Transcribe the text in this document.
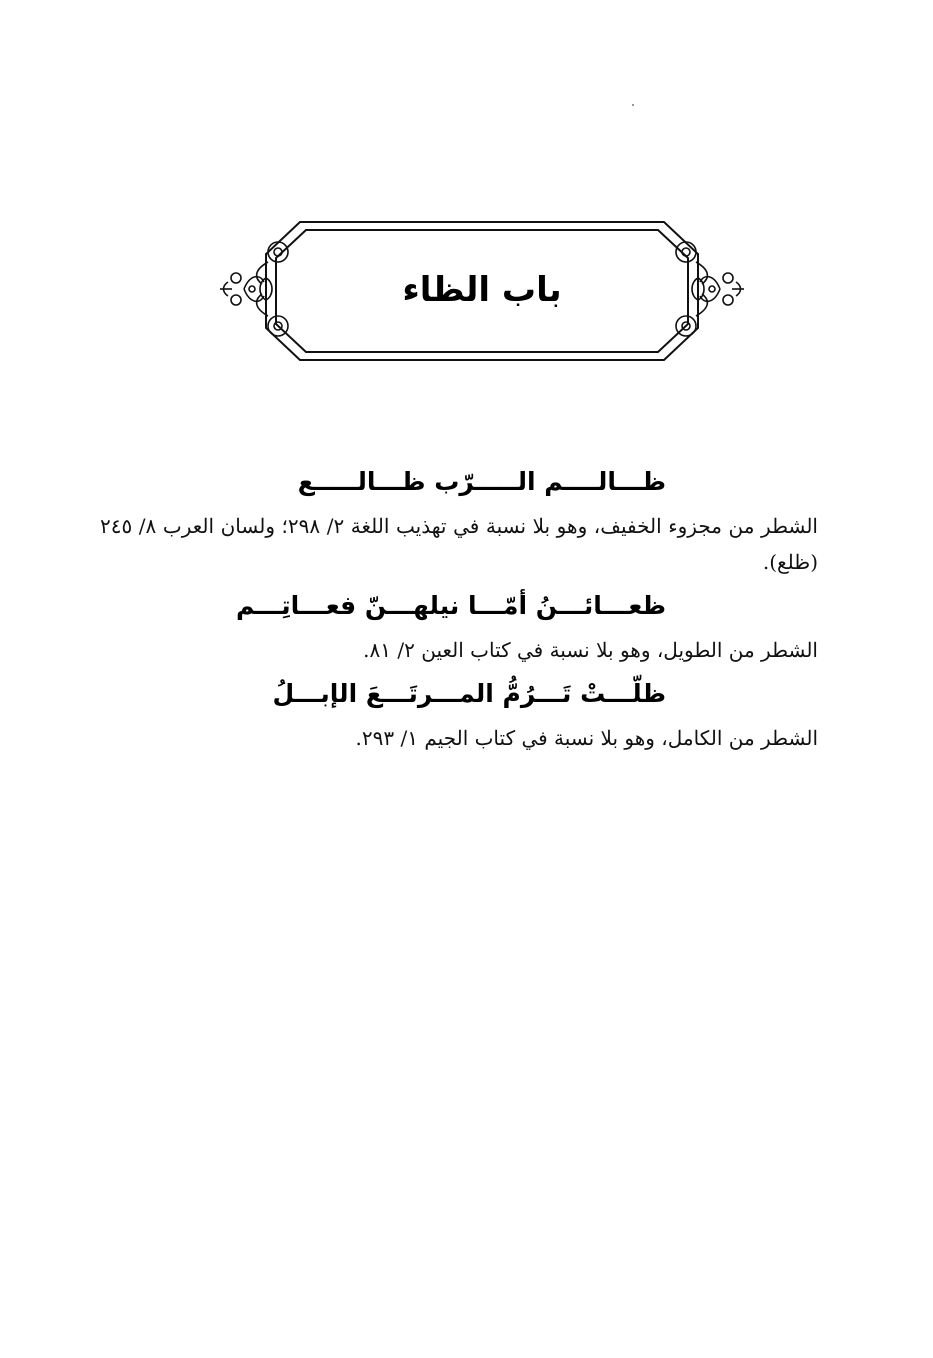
باب الظاء

ظـــالــــم الـــــرّب ظـــالـــــع

الشطر من مجزوء الخفيف، وهو بلا نسبة في تهذيب اللغة ٢/ ٢٩٨؛ ولسان العرب ٨/ ٢٤٥ (ظلع).

ظعـــائـــنُ أمّـــا نيلهـــنّ فعـــاتِـــم

الشطر من الطويل، وهو بلا نسبة في كتاب العين ٢/ ٨١.

ظلّـــتْ تَـــرُمُّ المـــرتَـــعَ الإبـــلُ

الشطر من الكامل، وهو بلا نسبة في كتاب الجيم ١/ ٢٩٣.
